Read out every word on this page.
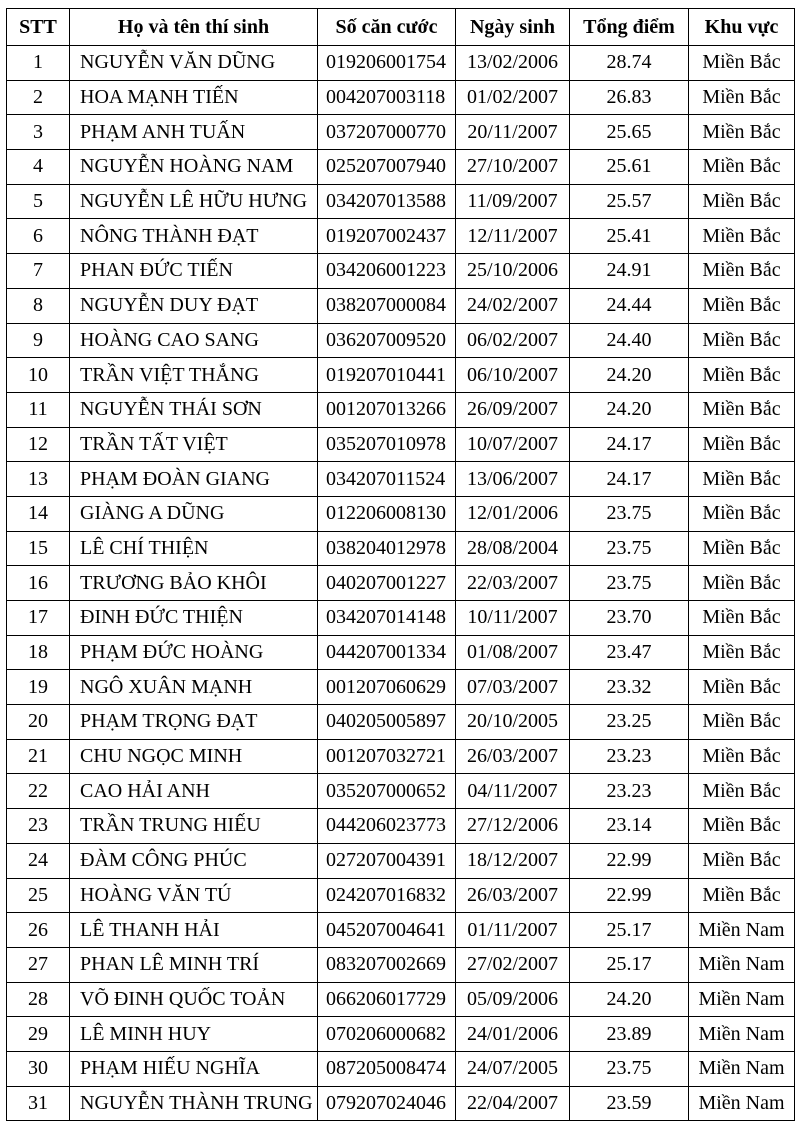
STT	Họ và tên thí sinh	Số căn cước	Ngày sinh	Tổng điểm	Khu vực
1	NGUYỄN VĂN DŨNG	019206001754	13/02/2006	28.74	Miền Bắc
2	HOA MẠNH TIẾN	004207003118	01/02/2007	26.83	Miền Bắc
3	PHẠM ANH TUẤN	037207000770	20/11/2007	25.65	Miền Bắc
4	NGUYỄN HOÀNG NAM	025207007940	27/10/2007	25.61	Miền Bắc
5	NGUYỄN LÊ HỮU HƯNG	034207013588	11/09/2007	25.57	Miền Bắc
6	NÔNG THÀNH ĐẠT	019207002437	12/11/2007	25.41	Miền Bắc
7	PHAN ĐỨC TIẾN	034206001223	25/10/2006	24.91	Miền Bắc
8	NGUYỄN DUY ĐẠT	038207000084	24/02/2007	24.44	Miền Bắc
9	HOÀNG CAO SANG	036207009520	06/02/2007	24.40	Miền Bắc
10	TRẦN VIỆT THẮNG	019207010441	06/10/2007	24.20	Miền Bắc
11	NGUYỄN THÁI SƠN	001207013266	26/09/2007	24.20	Miền Bắc
12	TRẦN TẤT VIỆT	035207010978	10/07/2007	24.17	Miền Bắc
13	PHẠM ĐOÀN GIANG	034207011524	13/06/2007	24.17	Miền Bắc
14	GIÀNG A DŨNG	012206008130	12/01/2006	23.75	Miền Bắc
15	LÊ CHÍ THIỆN	038204012978	28/08/2004	23.75	Miền Bắc
16	TRƯƠNG BẢO KHÔI	040207001227	22/03/2007	23.75	Miền Bắc
17	ĐINH ĐỨC THIỆN	034207014148	10/11/2007	23.70	Miền Bắc
18	PHẠM ĐỨC HOÀNG	044207001334	01/08/2007	23.47	Miền Bắc
19	NGÔ XUÂN MẠNH	001207060629	07/03/2007	23.32	Miền Bắc
20	PHẠM TRỌNG ĐẠT	040205005897	20/10/2005	23.25	Miền Bắc
21	CHU NGỌC MINH	001207032721	26/03/2007	23.23	Miền Bắc
22	CAO HẢI ANH	035207000652	04/11/2007	23.23	Miền Bắc
23	TRẦN TRUNG HIẾU	044206023773	27/12/2006	23.14	Miền Bắc
24	ĐÀM CÔNG PHÚC	027207004391	18/12/2007	22.99	Miền Bắc
25	HOÀNG VĂN TÚ	024207016832	26/03/2007	22.99	Miền Bắc
26	LÊ THANH HẢI	045207004641	01/11/2007	25.17	Miền Nam
27	PHAN LÊ MINH TRÍ	083207002669	27/02/2007	25.17	Miền Nam
28	VÕ ĐINH QUỐC TOẢN	066206017729	05/09/2006	24.20	Miền Nam
29	LÊ MINH HUY	070206000682	24/01/2006	23.89	Miền Nam
30	PHẠM HIẾU NGHĨA	087205008474	24/07/2005	23.75	Miền Nam
31	NGUYỄN THÀNH TRUNG	079207024046	22/04/2007	23.59	Miền Nam
